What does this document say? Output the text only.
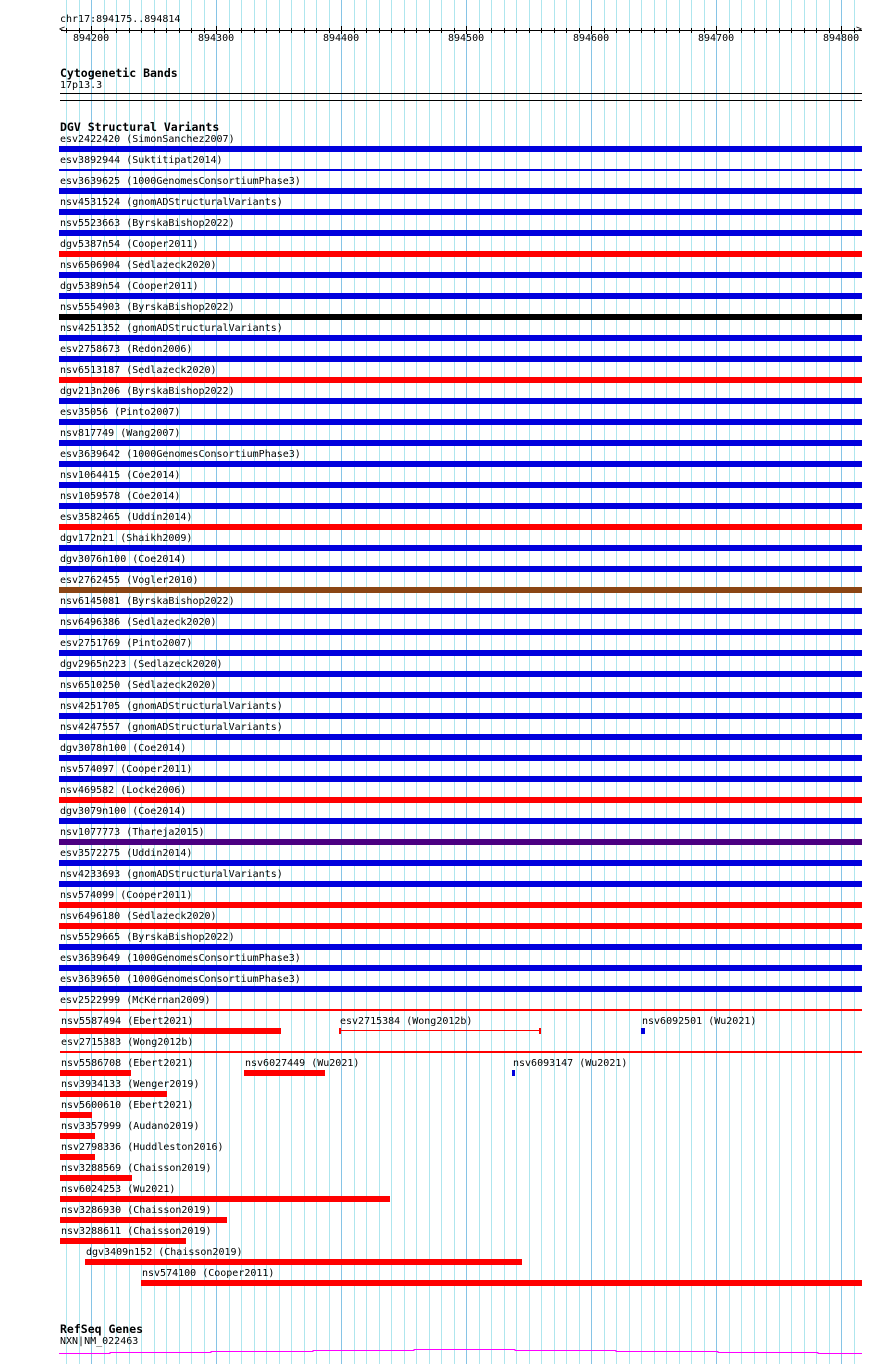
chr17:894175..894814
<	>
894200	894300	894400	894500	894600	894700	894800
Cytogenetic Bands
17p13.3
DGV Structural Variants
esv2422420 (SimonSanchez2007)
esv3892944 (Suktitipat2014)
esv3639625 (1000GenomesConsortiumPhase3)
nsv4531524 (gnomADStructuralVariants)
nsv5523663 (ByrskaBishop2022)
dgv5387n54 (Cooper2011)
nsv6506904 (Sedlazeck2020)
dgv5389n54 (Cooper2011)
nsv5554903 (ByrskaBishop2022)
nsv4251352 (gnomADStructuralVariants)
esv2758673 (Redon2006)
nsv6513187 (Sedlazeck2020)
dgv213n206 (ByrskaBishop2022)
esv35056 (Pinto2007)
nsv817749 (Wang2007)
esv3639642 (1000GenomesConsortiumPhase3)
nsv1064415 (Coe2014)
nsv1059578 (Coe2014)
esv3582465 (Uddin2014)
dgv172n21 (Shaikh2009)
dgv3076n100 (Coe2014)
esv2762455 (Vogler2010)
nsv6145081 (ByrskaBishop2022)
nsv6496386 (Sedlazeck2020)
esv2751769 (Pinto2007)
dgv2965n223 (Sedlazeck2020)
nsv6510250 (Sedlazeck2020)
nsv4251705 (gnomADStructuralVariants)
nsv4247557 (gnomADStructuralVariants)
dgv3078n100 (Coe2014)
nsv574097 (Cooper2011)
nsv469582 (Locke2006)
dgv3079n100 (Coe2014)
nsv1077773 (Thareja2015)
esv3572275 (Uddin2014)
nsv4233693 (gnomADStructuralVariants)
nsv574099 (Cooper2011)
nsv6496180 (Sedlazeck2020)
nsv5529665 (ByrskaBishop2022)
esv3639649 (1000GenomesConsortiumPhase3)
esv3639650 (1000GenomesConsortiumPhase3)
esv2522999 (McKernan2009)
nsv5587494 (Ebert2021)	esv2715384 (Wong2012b)	nsv6092501 (Wu2021)
esv2715383 (Wong2012b)
nsv5586708 (Ebert2021)	nsv6027449 (Wu2021)	nsv6093147 (Wu2021)
nsv3934133 (Wenger2019)
nsv5600610 (Ebert2021)
nsv3357999 (Audano2019)
nsv2798336 (Huddleston2016)
nsv3288569 (Chaisson2019)
nsv6024253 (Wu2021)
nsv3286930 (Chaisson2019)
nsv3288611 (Chaisson2019)
dgv3409n152 (Chaisson2019)
nsv574100 (Cooper2011)
RefSeq Genes
NXN|NM_022463
